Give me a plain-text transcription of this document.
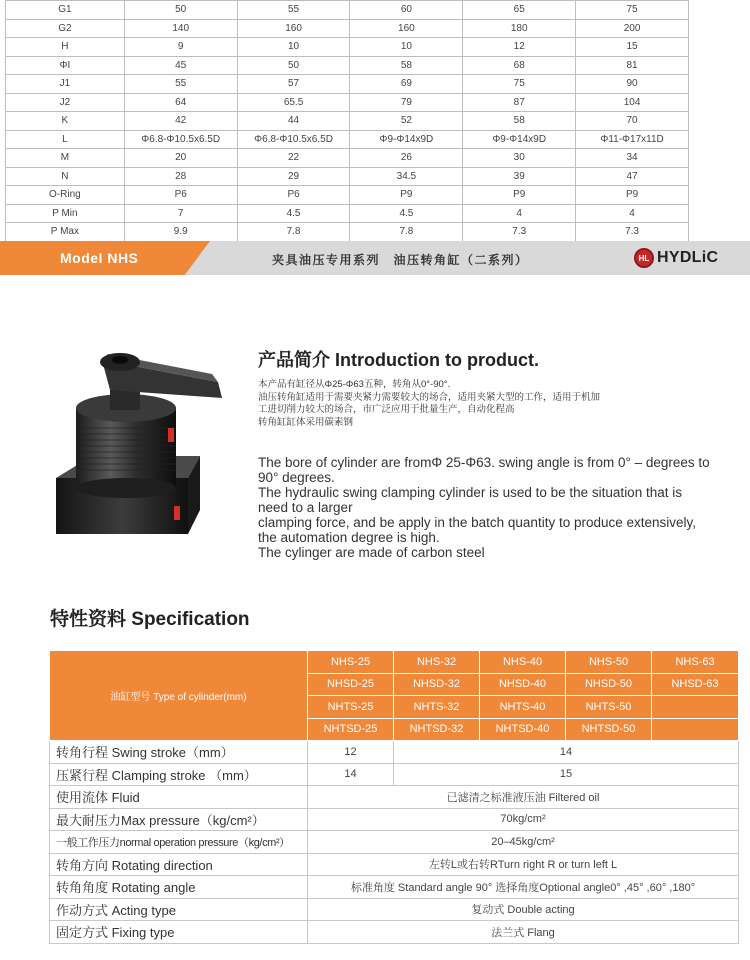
G1	50	55	60	65	75
G2	140	160	160	180	200
H	9	10	10	12	15
ΦI	45	50	58	68	81
J1	55	57	69	75	90
J2	64	65.5	79	87	104
K	42	44	52	58	70
L	Φ6.8-Φ10.5x6.5D	Φ6.8-Φ10.5x6.5D	Φ9-Φ14x9D	Φ9-Φ14x9D	Φ11-Φ17x11D
M	20	22	26	30	34
N	28	29	34.5	39	47
O-Ring	P6	P6	P9	P9	P9
P Min	7	4.5	4.5	4	4
P Max	9.9	7.8	7.8	7.3	7.3
Model NHS	夹具油压专用系列　油压转角缸（二系列）	HL HYDLiC
产品简介 Introduction to product.
本产品有缸径从Φ25-Φ63五种，转角从0°-90°.
油压转角缸适用于需要夹紧力需要较大的场合，适用夹紧大型的工作，适用于机加
工进切削力较大的场合，市广泛应用于批量生产，自动化程高
转角缸缸体采用碳素钢
The bore of cylinder are fromΦ 25-Φ63. swing angle is from 0° – degrees to
90° degrees.
The hydraulic swing clamping cylinder is used to be the situation that is
need to a larger
clamping force, and be apply in the batch quantity to produce extensively,
the automation degree is high.
The cylinger are made of carbon steel
特性资料 Specification
油缸型号 Type of cylinder(mm)	NHS-25	NHS-32	NHS-40	NHS-50	NHS-63
	NHSD-25	NHSD-32	NHSD-40	NHSD-50	NHSD-63
	NHTS-25	NHTS-32	NHTS-40	NHTS-50	
	NHTSD-25	NHTSD-32	NHTSD-40	NHTSD-50	
转角行程 Swing stroke（mm）	12	14			
压紧行程 Clamping stroke （mm）	14	15			
使用流体 Fluid	已滤清之标准液压油 Filtered oil				
最大耐压力Max pressure（kg/cm²）	70kg/cm²				
一般工作压力normal operation pressure（kg/cm²）	20–45kg/cm²				
转角方向 Rotating direction	左转L或右转RTurn right R or turn left L				
转角角度 Rotating angle	标准角度 Standard angle 90° 选择角度Optional angle0° ,45° ,60° ,180°				
作动方式 Acting type	复动式 Double acting				
固定方式 Fixing type	法兰式 Flang				
